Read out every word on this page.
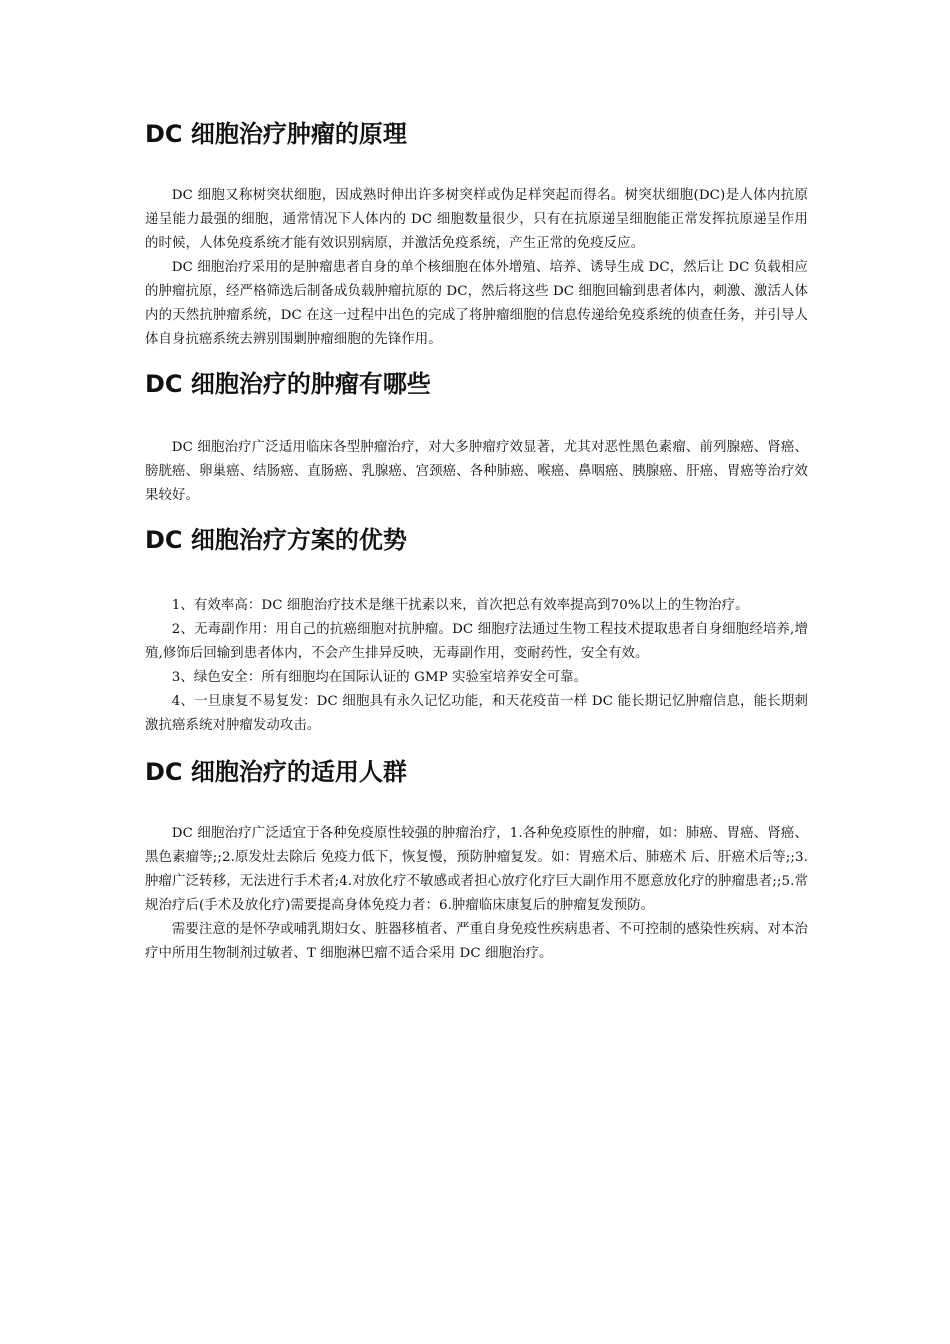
DC 细胞治疗肿瘤的原理

DC 细胞又称树突状细胞，因成熟时伸出许多树突样或伪足样突起而得名。树突状细胞(DC)是人体内抗原递呈能力最强的细胞，通常情况下人体内的 DC 细胞数量很少，只有在抗原递呈细胞能正常发挥抗原递呈作用的时候，人体免疫系统才能有效识别病原，并激活免疫系统，产生正常的免疫反应。

DC 细胞治疗采用的是肿瘤患者自身的单个核细胞在体外增殖、培养、诱导生成 DC，然后让 DC 负载相应的肿瘤抗原，经严格筛选后制备成负载肿瘤抗原的 DC，然后将这些 DC 细胞回输到患者体内，刺激、激活人体内的天然抗肿瘤系统，DC 在这一过程中出色的完成了将肿瘤细胞的信息传递给免疫系统的侦查任务，并引导人体自身抗癌系统去辨别围剿肿瘤细胞的先锋作用。

DC 细胞治疗的肿瘤有哪些

DC 细胞治疗广泛适用临床各型肿瘤治疗，对大多肿瘤疗效显著，尤其对恶性黑色素瘤、前列腺癌、肾癌、膀胱癌、卵巢癌、结肠癌、直肠癌、乳腺癌、宫颈癌、各种肺癌、喉癌、鼻咽癌、胰腺癌、肝癌、胃癌等治疗效果较好。

DC 细胞治疗方案的优势

1、有效率高：DC 细胞治疗技术是继干扰素以来，首次把总有效率提高到70%以上的生物治疗。

2、无毒副作用：用自己的抗癌细胞对抗肿瘤。DC 细胞疗法通过生物工程技术提取患者自身细胞经培养,增殖,修饰后回输到患者体内，不会产生排异反映，无毒副作用，变耐药性，安全有效。

3、绿色安全：所有细胞均在国际认证的 GMP 实验室培养安全可靠。

4、一旦康复不易复发：DC 细胞具有永久记忆功能，和天花疫苗一样 DC 能长期记忆肿瘤信息，能长期刺激抗癌系统对肿瘤发动攻击。

DC 细胞治疗的适用人群

DC 细胞治疗广泛适宜于各种免疫原性较强的肿瘤治疗，1.各种免疫原性的肿瘤，如：肺癌、胃癌、肾癌、黑色素瘤等;;2.原发灶去除后 免疫力低下，恢复慢，预防肿瘤复发。如：胃癌术后、肺癌术 后、肝癌术后等;;3.肿瘤广泛转移，无法进行手术者;4.对放化疗不敏感或者担心放疗化疗巨大副作用不愿意放化疗的肿瘤患者;;5.常规治疗后(手术及放化疗)需要提高身体免疫力者：6.肿瘤临床康复后的肿瘤复发预防。

需要注意的是怀孕或哺乳期妇女、脏器移植者、严重自身免疫性疾病患者、不可控制的感染性疾病、对本治疗中所用生物制剂过敏者、T 细胞淋巴瘤不适合采用 DC 细胞治疗。
